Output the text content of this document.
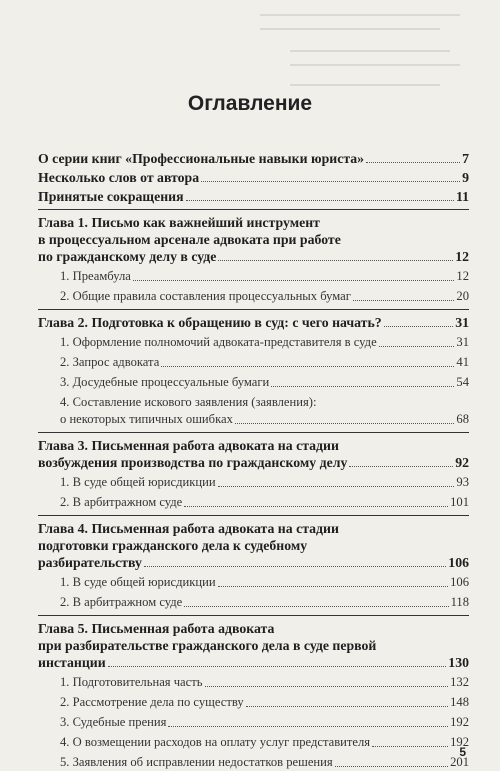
Оглавление
О серии книг «Профессиональные навыки юриста»	7
Несколько слов от автора	9
Принятые сокращения	11
Глава 1. Письмо как важнейший инструмент
в процессуальном арсенале адвоката при работе
по гражданскому делу в суде	12
1. Преамбула	12
2. Общие правила составления процессуальных бумаг	20
Глава 2. Подготовка к обращению в суд: с чего начать?	31
1. Оформление полномочий адвоката-представителя в суде	31
2. Запрос адвоката	41
3. Досудебные процессуальные бумаги	54
4. Составление искового заявления (заявления):
о некоторых типичных ошибках	68
Глава 3. Письменная работа адвоката на стадии
возбуждения производства по гражданскому делу	92
1. В суде общей юрисдикции	93
2. В арбитражном суде	101
Глава 4. Письменная работа адвоката на стадии
подготовки гражданского дела к судебному
разбирательству	106
1. В суде общей юрисдикции	106
2. В арбитражном суде	118
Глава 5. Письменная работа адвоката
при разбирательстве гражданского дела в суде первой
инстанции	130
1. Подготовительная часть	132
2. Рассмотрение дела по существу	148
3. Судебные прения	192
4. О возмещении расходов на оплату услуг представителя	192
5. Заявления об исправлении недостатков решения	201
5
